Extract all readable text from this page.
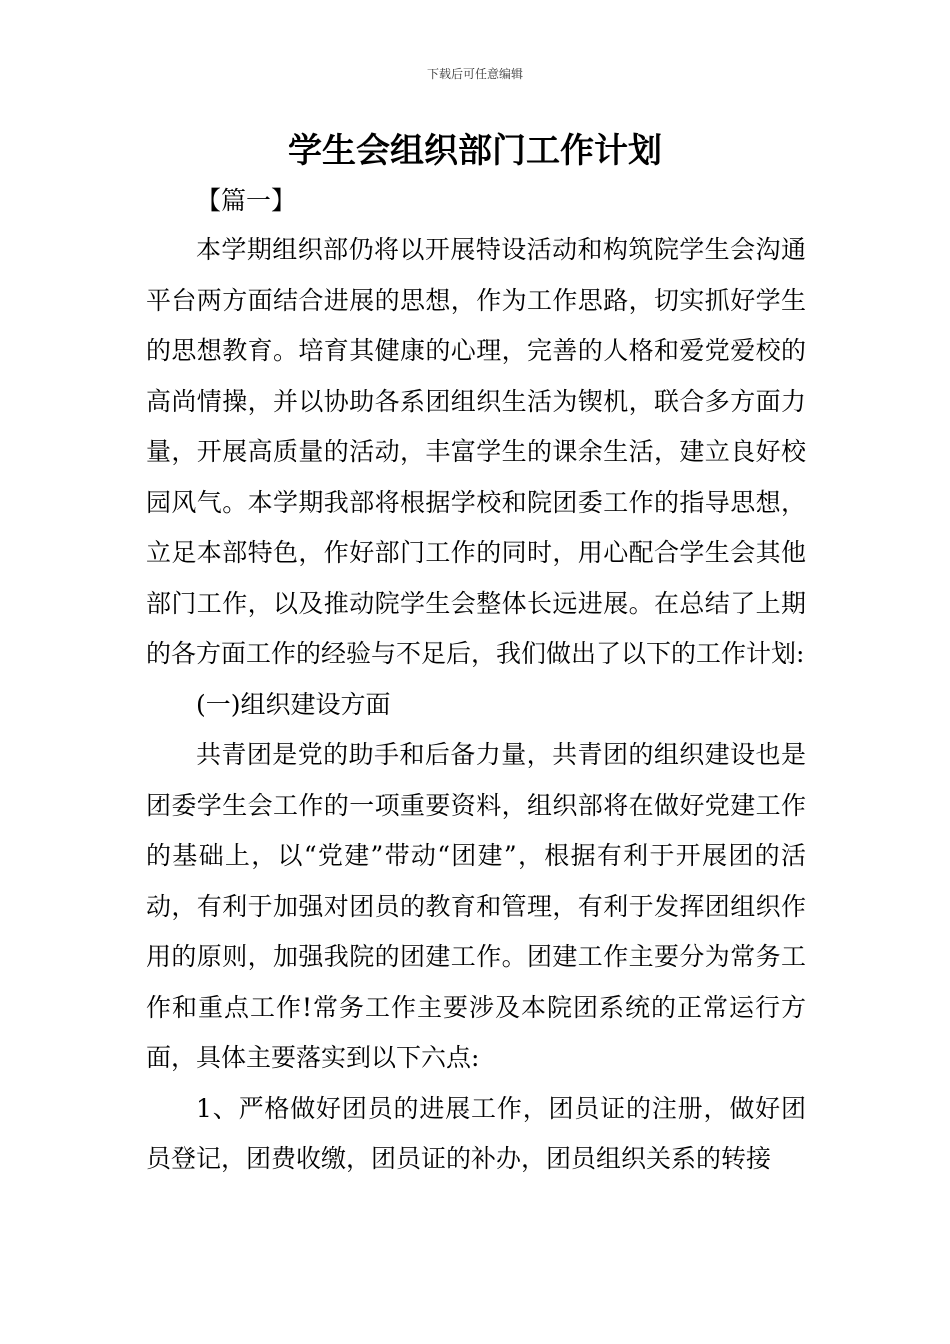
下载后可任意编辑
学生会组织部门工作计划
【篇一】

本学期组织部仍将以开展特设活动和构筑院学生会沟通平台两方面结合进展的思想，作为工作思路，切实抓好学生的思想教育。培育其健康的心理，完善的人格和爱党爱校的高尚情操，并以协助各系团组织生活为锲机，联合多方面力量，开展高质量的活动，丰富学生的课余生活，建立良好校园风气。本学期我部将根据学校和院团委工作的指导思想，立足本部特色，作好部门工作的同时，用心配合学生会其他部门工作，以及推动院学生会整体长远进展。在总结了上期的各方面工作的经验与不足后，我们做出了以下的工作计划:

(一)组织建设方面

共青团是党的助手和后备力量，共青团的组织建设也是团委学生会工作的一项重要资料，组织部将在做好党建工作的基础上，以“党建”带动“团建”，根据有利于开展团的活动，有利于加强对团员的教育和管理，有利于发挥团组织作用的原则，加强我院的团建工作。团建工作主要分为常务工作和重点工作!常务工作主要涉及本院团系统的正常运行方面，具体主要落实到以下六点:

1、严格做好团员的进展工作，团员证的注册，做好团员登记，团费收缴，团员证的补办，团员组织关系的转接
